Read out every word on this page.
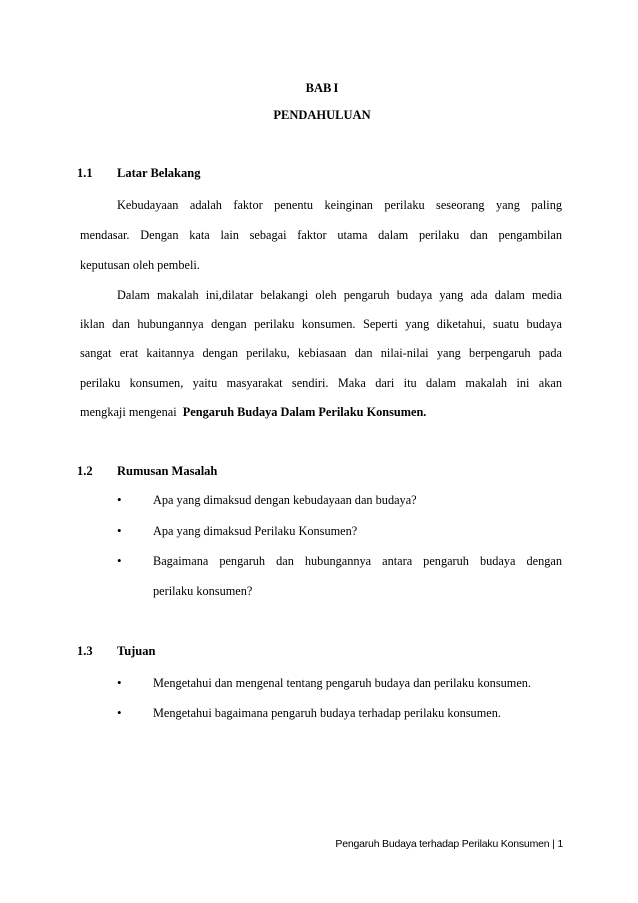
BAB I
PENDAHULUAN
1.1 Latar Belakang
Kebudayaan adalah faktor penentu keinginan perilaku seseorang yang paling
mendasar. Dengan kata lain sebagai faktor utama dalam perilaku dan pengambilan
keputusan oleh pembeli.
Dalam makalah ini,dilatar belakangi oleh pengaruh budaya yang ada dalam media
iklan dan hubungannya dengan perilaku konsumen. Seperti yang diketahui, suatu budaya
sangat erat kaitannya dengan perilaku, kebiasaan dan nilai-nilai yang berpengaruh pada
perilaku konsumen, yaitu masyarakat sendiri. Maka dari itu dalam makalah ini akan
mengkaji mengenai Pengaruh Budaya Dalam Perilaku Konsumen.
1.2 Rumusan Masalah
•	Apa yang dimaksud dengan kebudayaan dan budaya?
•	Apa yang dimaksud Perilaku Konsumen?
•	Bagaimana pengaruh dan hubungannya antara pengaruh budaya dengan
perilaku konsumen?
1.3 Tujuan
•	Mengetahui dan mengenal tentang pengaruh budaya dan perilaku konsumen.
•	Mengetahui bagaimana pengaruh budaya terhadap perilaku konsumen.
Pengaruh Budaya terhadap Perilaku Konsumen | 1
